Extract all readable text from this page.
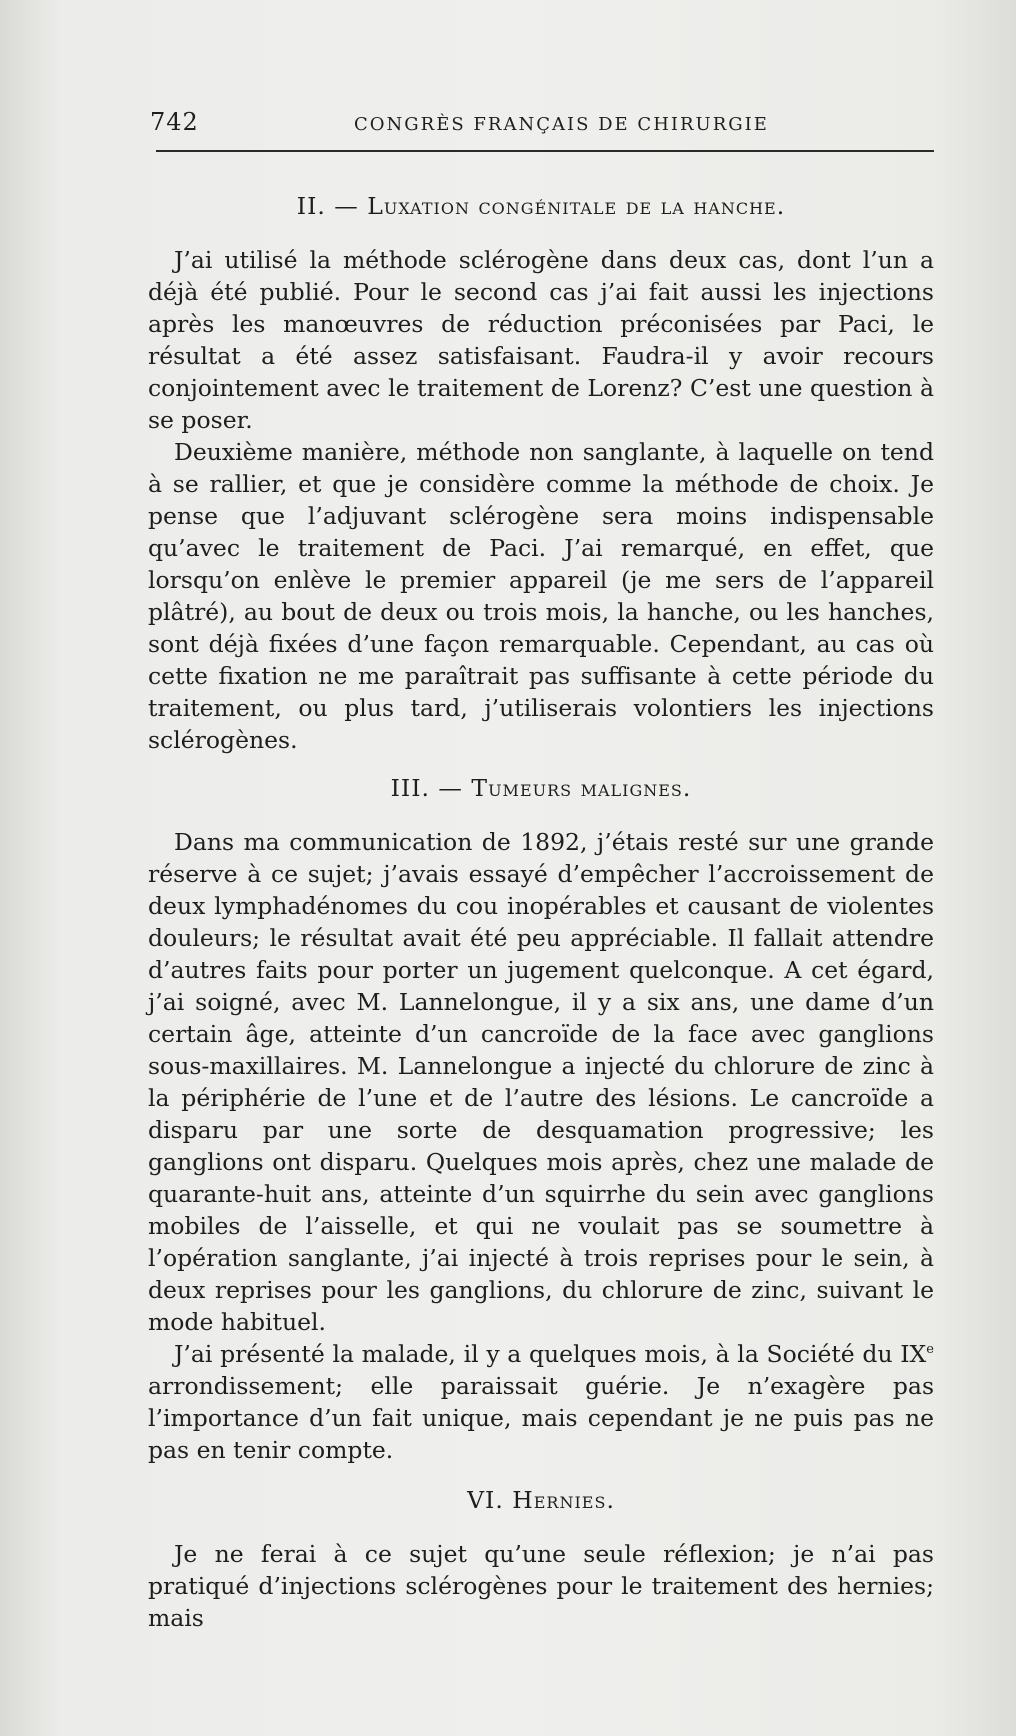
742	CONGRÈS FRANÇAIS DE CHIRURGIE
II. — Luxation congénitale de la hanche.

J’ai utilisé la méthode sclérogène dans deux cas, dont l’un a déjà été publié. Pour le second cas j’ai fait aussi les injections après les manœuvres de réduction préconisées par Paci, le résultat a été assez satisfaisant. Faudra-il y avoir recours conjointement avec le traitement de Lorenz? C’est une question à se poser.

Deuxième manière, méthode non sanglante, à laquelle on tend à se rallier, et que je considère comme la méthode de choix. Je pense que l’adjuvant sclérogène sera moins indispensable qu’avec le traitement de Paci. J’ai remarqué, en effet, que lorsqu’on enlève le premier appareil (je me sers de l’appareil plâtré), au bout de deux ou trois mois, la hanche, ou les hanches, sont déjà fixées d’une façon remarquable. Cependant, au cas où cette fixation ne me paraîtrait pas suffisante à cette période du traitement, ou plus tard, j’utiliserais volontiers les injections sclérogènes.

III. — Tumeurs malignes.

Dans ma communication de 1892, j’étais resté sur une grande réserve à ce sujet; j’avais essayé d’empêcher l’accroissement de deux lymphadénomes du cou inopérables et causant de violentes douleurs; le résultat avait été peu appréciable. Il fallait attendre d’autres faits pour porter un jugement quelconque. A cet égard, j’ai soigné, avec M. Lannelongue, il y a six ans, une dame d’un certain âge, atteinte d’un cancroïde de la face avec ganglions sous-maxillaires. M. Lannelongue a injecté du chlorure de zinc à la périphérie de l’une et de l’autre des lésions. Le cancroïde a disparu par une sorte de desquamation progressive; les ganglions ont disparu. Quelques mois après, chez une malade de quarante-huit ans, atteinte d’un squirrhe du sein avec ganglions mobiles de l’aisselle, et qui ne voulait pas se soumettre à l’opération sanglante, j’ai injecté à trois reprises pour le sein, à deux reprises pour les ganglions, du chlorure de zinc, suivant le mode habituel.

J’ai présenté la malade, il y a quelques mois, à la Société du IXe arrondissement; elle paraissait guérie. Je n’exagère pas l’importance d’un fait unique, mais cependant je ne puis pas ne pas en tenir compte.

VI. Hernies.

Je ne ferai à ce sujet qu’une seule réflexion; je n’ai pas pratiqué d’injections sclérogènes pour le traitement des hernies; mais
